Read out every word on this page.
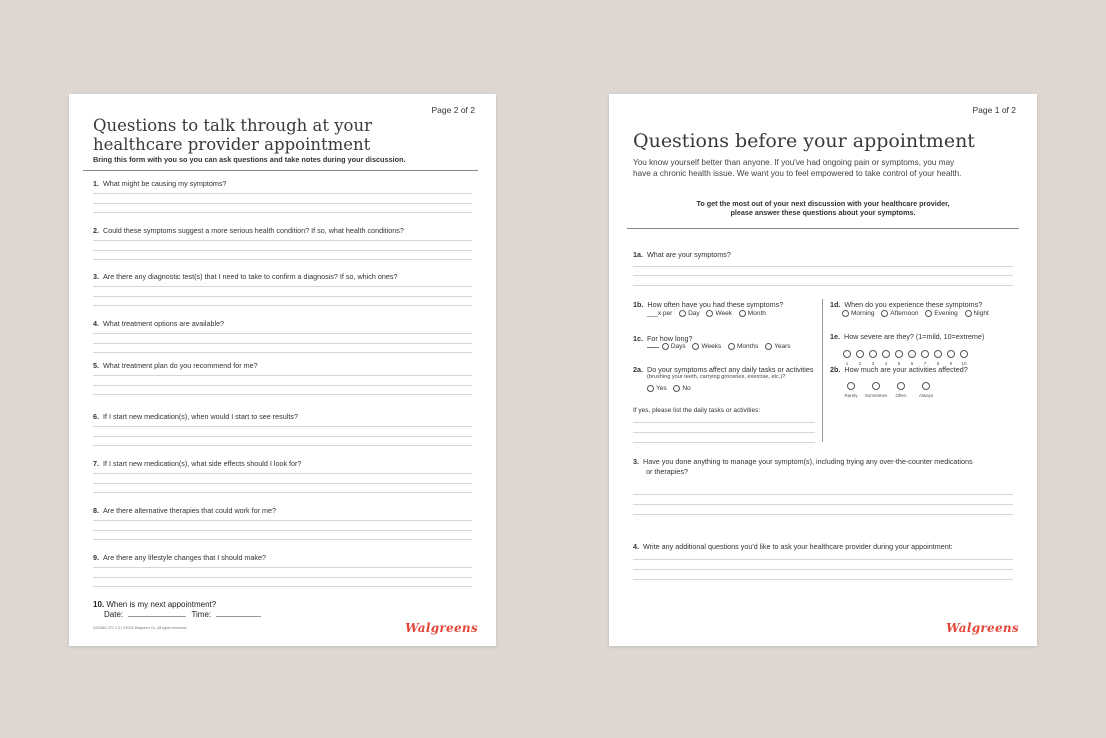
Page 2 of 2
Questions to talk through at your
healthcare provider appointment
Bring this form with you so you can ask questions and take notes during your discussion.
1. What might be causing my symptoms?
2. Could these symptoms suggest a more serious health condition? If so, what health conditions?
3. Are there any diagnostic test(s) that I need to take to confirm a diagnosis? If so, which ones?
4. What treatment options are available?
5. What treatment plan do you recommend for me?
6. If I start new medication(s), when would I start to see results?
7. If I start new medication(s), what side effects should I look for?
8. Are there alternative therapies that could work for me?
9. Are there any lifestyle changes that I should make?
10. When is my next appointment?
Date:	Time:
3422861 372 1.0 | ©2024 Walgreen Co. All rights reserved.	Walgreens
Page 1 of 2
Questions before your appointment
You know yourself better than anyone. If you've had ongoing pain or symptoms, you may
have a chronic health issue. We want you to feel empowered to take control of your health.
To get the most out of your next discussion with your healthcare provider,
please answer these questions about your symptoms.
1a. What are your symptoms?
1b. How often have you had these symptoms?
___x per Day Week Month
1c. For how long?
Days Weeks Months Years
2a. Do your symptoms affect any daily tasks or activities
(brushing your teeth, carrying groceries, exercise, etc.)?
Yes No
If yes, please list the daily tasks or activities:
1d. When do you experience these symptoms?
Morning Afternoon Evening Night
1e. How severe are they? (1=mild, 10=extreme)
1	2	3	4	5	6	7	8	9	10
2b. How much are your activities affected?
Rarely	Sometimes	Often	Always
3. Have you done anything to manage your symptom(s), including trying any over-the-counter medications
or therapies?
4. Write any additional questions you'd like to ask your healthcare provider during your appointment:
Walgreens
